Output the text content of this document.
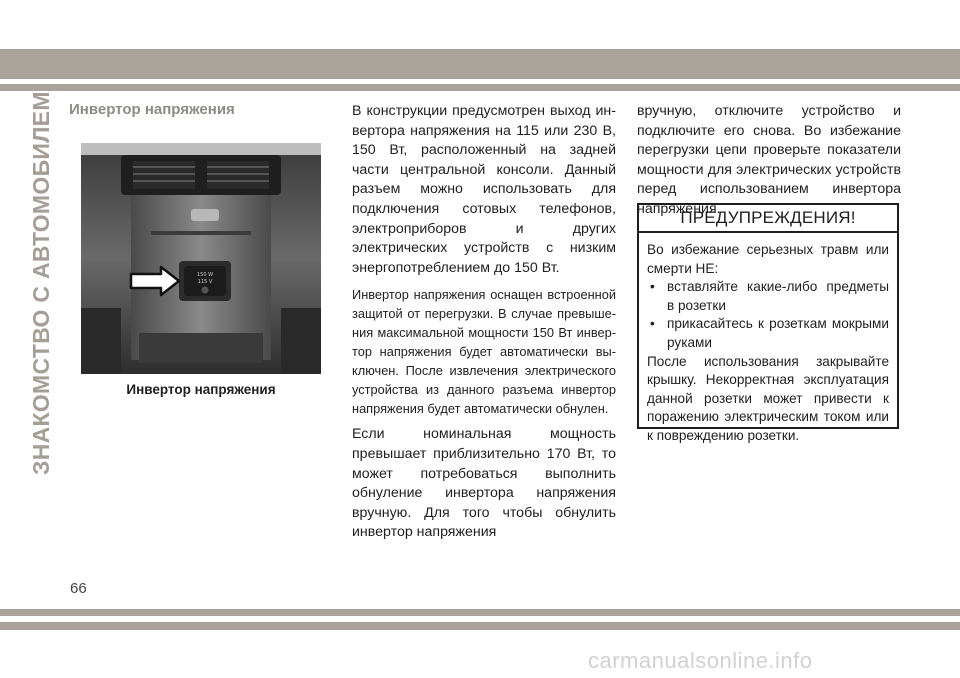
ЗНАКОМСТВО С АВТОМОБИЛЕМ Инвертор напряжения
150 W
115 V
Инвертор напряжения

В конструкции предусмотрен выход инвертора напряжения на 115 или 230 В, 150 Вт, расположенный на задней части центральной консоли. Данный разъем можно использовать для подключения сотовых телефонов, электроприборов и других электрических устройств с низким энергопотреблением до 150 Вт.

Инвертор напряжения оснащен встроенной защитой от перегрузки. В случае превышения максимальной мощности 150 Вт инвертор напряжения будет автоматически выключен. После извлечения электрического устройства из данного разъема инвертор напряжения будет автоматически обнулен.

Если номинальная мощность превышает приблизительно 170 Вт, то может потребоваться выполнить обнуление инвертора напряжения вручную. Для того чтобы обнулить инвертор напряжения

вручную, отключите устройство и подключите его снова. Во избежание перегрузки цепи проверьте показатели мощности для электрических устройств перед использованием инвертора напряжения.

ПРЕДУПРЕЖДЕНИЯ!

Во избежание серьезных травм или смерти НЕ:

• вставляйте какие-либо предметы в розетки
• прикасайтесь к розеткам мокрыми руками

После использования закрывайте крышку. Некорректная эксплуатация данной розетки может привести к поражению электрическим током или к повреждению розетки.

66
carmanualsonline.info
